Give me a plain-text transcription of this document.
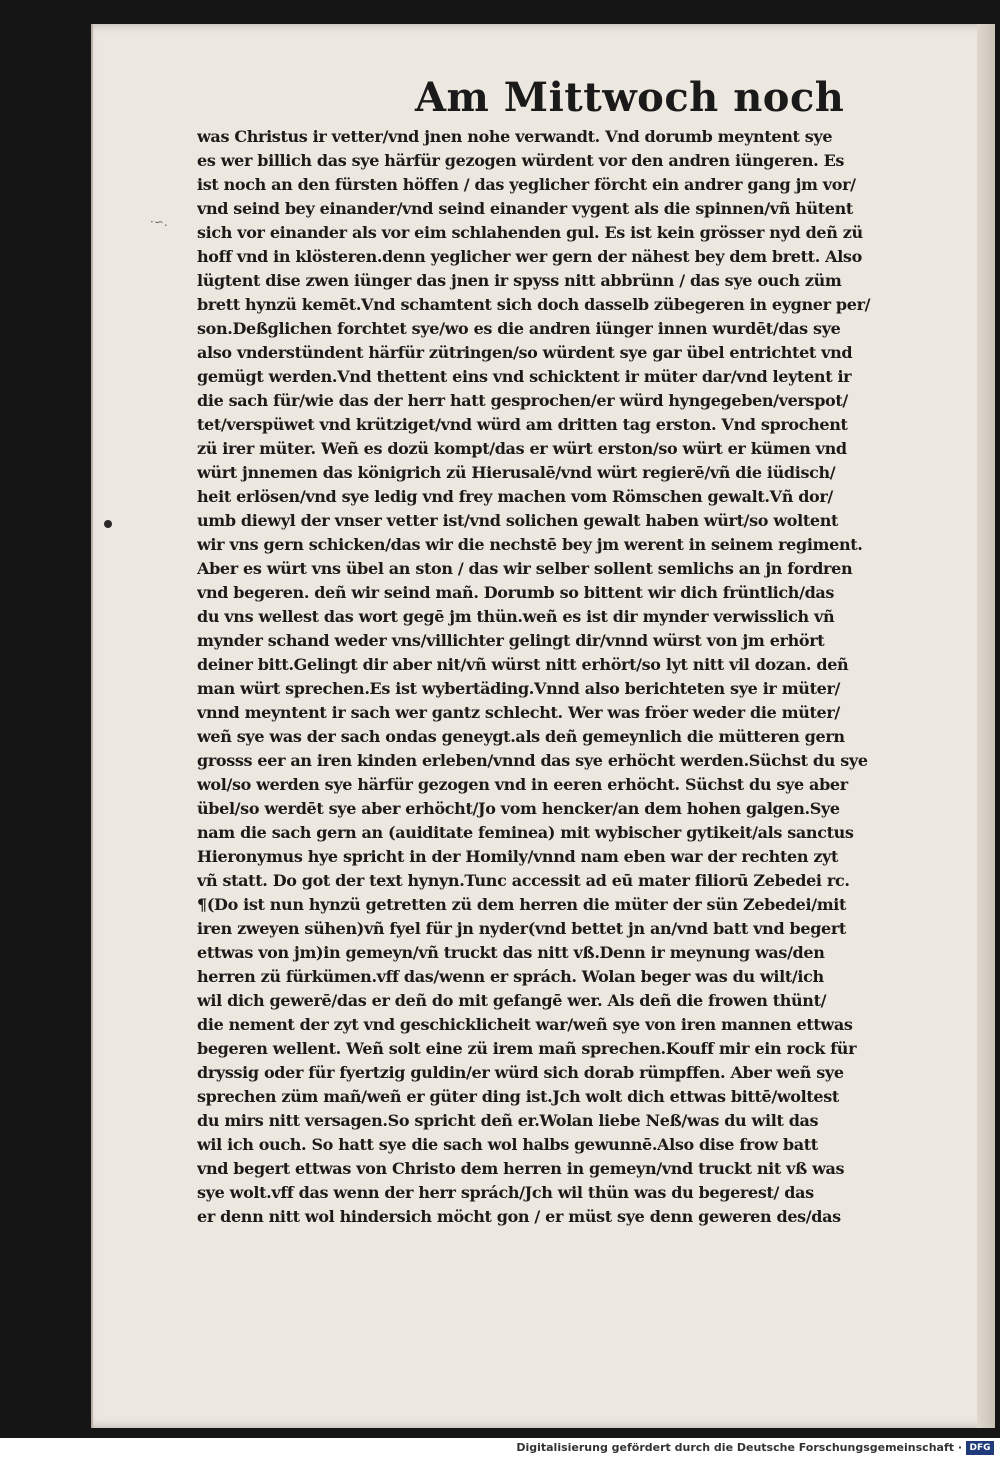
Am Mittwoch noch
·∽.
was Christus ir vetter/vnd jnen nohe verwandt. Vnd dorumb meyntent sye
es wer billich das sye härfür gezogen würdent vor den andren iüngeren. Es
ist noch an den fürsten höffen / das yeglicher förcht ein andrer gang jm vor/
vnd seind bey einander/vnd seind einander vygent als die spinnen/vñ hütent
sich vor einander als vor eim schlahenden gul. Es ist kein grösser nyd deñ zü
hoff vnd in klösteren.denn yeglicher wer gern der nähest bey dem brett. Also
lügtent dise zwen iünger das jnen ir spyss nitt abbrünn / das sye ouch züm
brett hynzü kemēt.Vnd schamtent sich doch dasselb zübegeren in eygner per/
son.Deßglichen forchtet sye/wo es die andren iünger innen wurdēt/das sye
also vnderstündent härfür zütringen/so würdent sye gar übel entrichtet vnd
gemügt werden.Vnd thettent eins vnd schicktent ir müter dar/vnd leytent ir
die sach für/wie das der herr hatt gesprochen/er würd hyngegeben/verspot/
tet/verspüwet vnd krütziget/vnd würd am dritten tag erston. Vnd sprochent
zü irer müter. Weñ es dozü kompt/das er würt erston/so würt er kümen vnd
würt jnnemen das königrich zü Hierusalē/vnd würt regierē/vñ die iüdisch/
heit erlösen/vnd sye ledig vnd frey machen vom Römschen gewalt.Vñ dor/
umb diewyl der vnser vetter ist/vnd solichen gewalt haben würt/so woltent
wir vns gern schicken/das wir die nechstē bey jm werent in seinem regiment.
Aber es würt vns übel an ston / das wir selber sollent semlichs an jn fordren
vnd begeren. deñ wir seind mañ. Dorumb so bittent wir dich früntlich/das
du vns wellest das wort gegē jm thün.weñ es ist dir mynder verwisslich vñ
mynder schand weder vns/villichter gelingt dir/vnnd würst von jm erhört
deiner bitt.Gelingt dir aber nit/vñ würst nitt erhört/so lyt nitt vil dozan. deñ
man würt sprechen.Es ist wybertäding.Vnnd also berichteten sye ir müter/
vnnd meyntent ir sach wer gantz schlecht. Wer was fröer weder die müter/
weñ sye was der sach ondas geneygt.als deñ gemeynlich die mütteren gern
grosss eer an iren kinden erleben/vnnd das sye erhöcht werden.Süchst du sye
wol/so werden sye härfür gezogen vnd in eeren erhöcht. Süchst du sye aber
übel/so werdēt sye aber erhöcht/Jo vom hencker/an dem hohen galgen.Sye
nam die sach gern an (auiditate feminea) mit wybischer gytikeit/als sanctus
Hieronymus hye spricht in der Homily/vnnd nam eben war der rechten zyt
vñ statt. Do got der text hynyn.Tunc accessit ad eū mater filiorū Zebedei rc.
¶(Do ist nun hynzü getretten zü dem herren die müter der sün Zebedei/mit
iren zweyen sühen)vñ fyel für jn nyder(vnd bettet jn an/vnd batt vnd begert
ettwas von jm)in gemeyn/vñ truckt das nitt vß.Denn ir meynung was/den
herren zü fürkümen.vff das/wenn er sprách. Wolan beger was du wilt/ich
wil dich gewerē/das er deñ do mit gefangē wer. Als deñ die frowen thünt/
die nement der zyt vnd geschicklicheit war/weñ sye von iren mannen ettwas
begeren wellent. Weñ solt eine zü irem mañ sprechen.Kouff mir ein rock für
dryssig oder für fyertzig guldin/er würd sich dorab rümpffen. Aber weñ sye
sprechen züm mañ/weñ er güter ding ist.Jch wolt dich ettwas bittē/woltest
du mirs nitt versagen.So spricht deñ er.Wolan liebe Neß/was du wilt das
wil ich ouch. So hatt sye die sach wol halbs gewunnē.Also dise frow batt
vnd begert ettwas von Christo dem herren in gemeyn/vnd truckt nit vß was
sye wolt.vff das wenn der herr sprách/Jch wil thün was du begerest/ das
er denn nitt wol hindersich möcht gon / er müst sye denn geweren des/das
Digitalisierung gefördert durch die Deutsche Forschungsgemeinschaft · DFG
